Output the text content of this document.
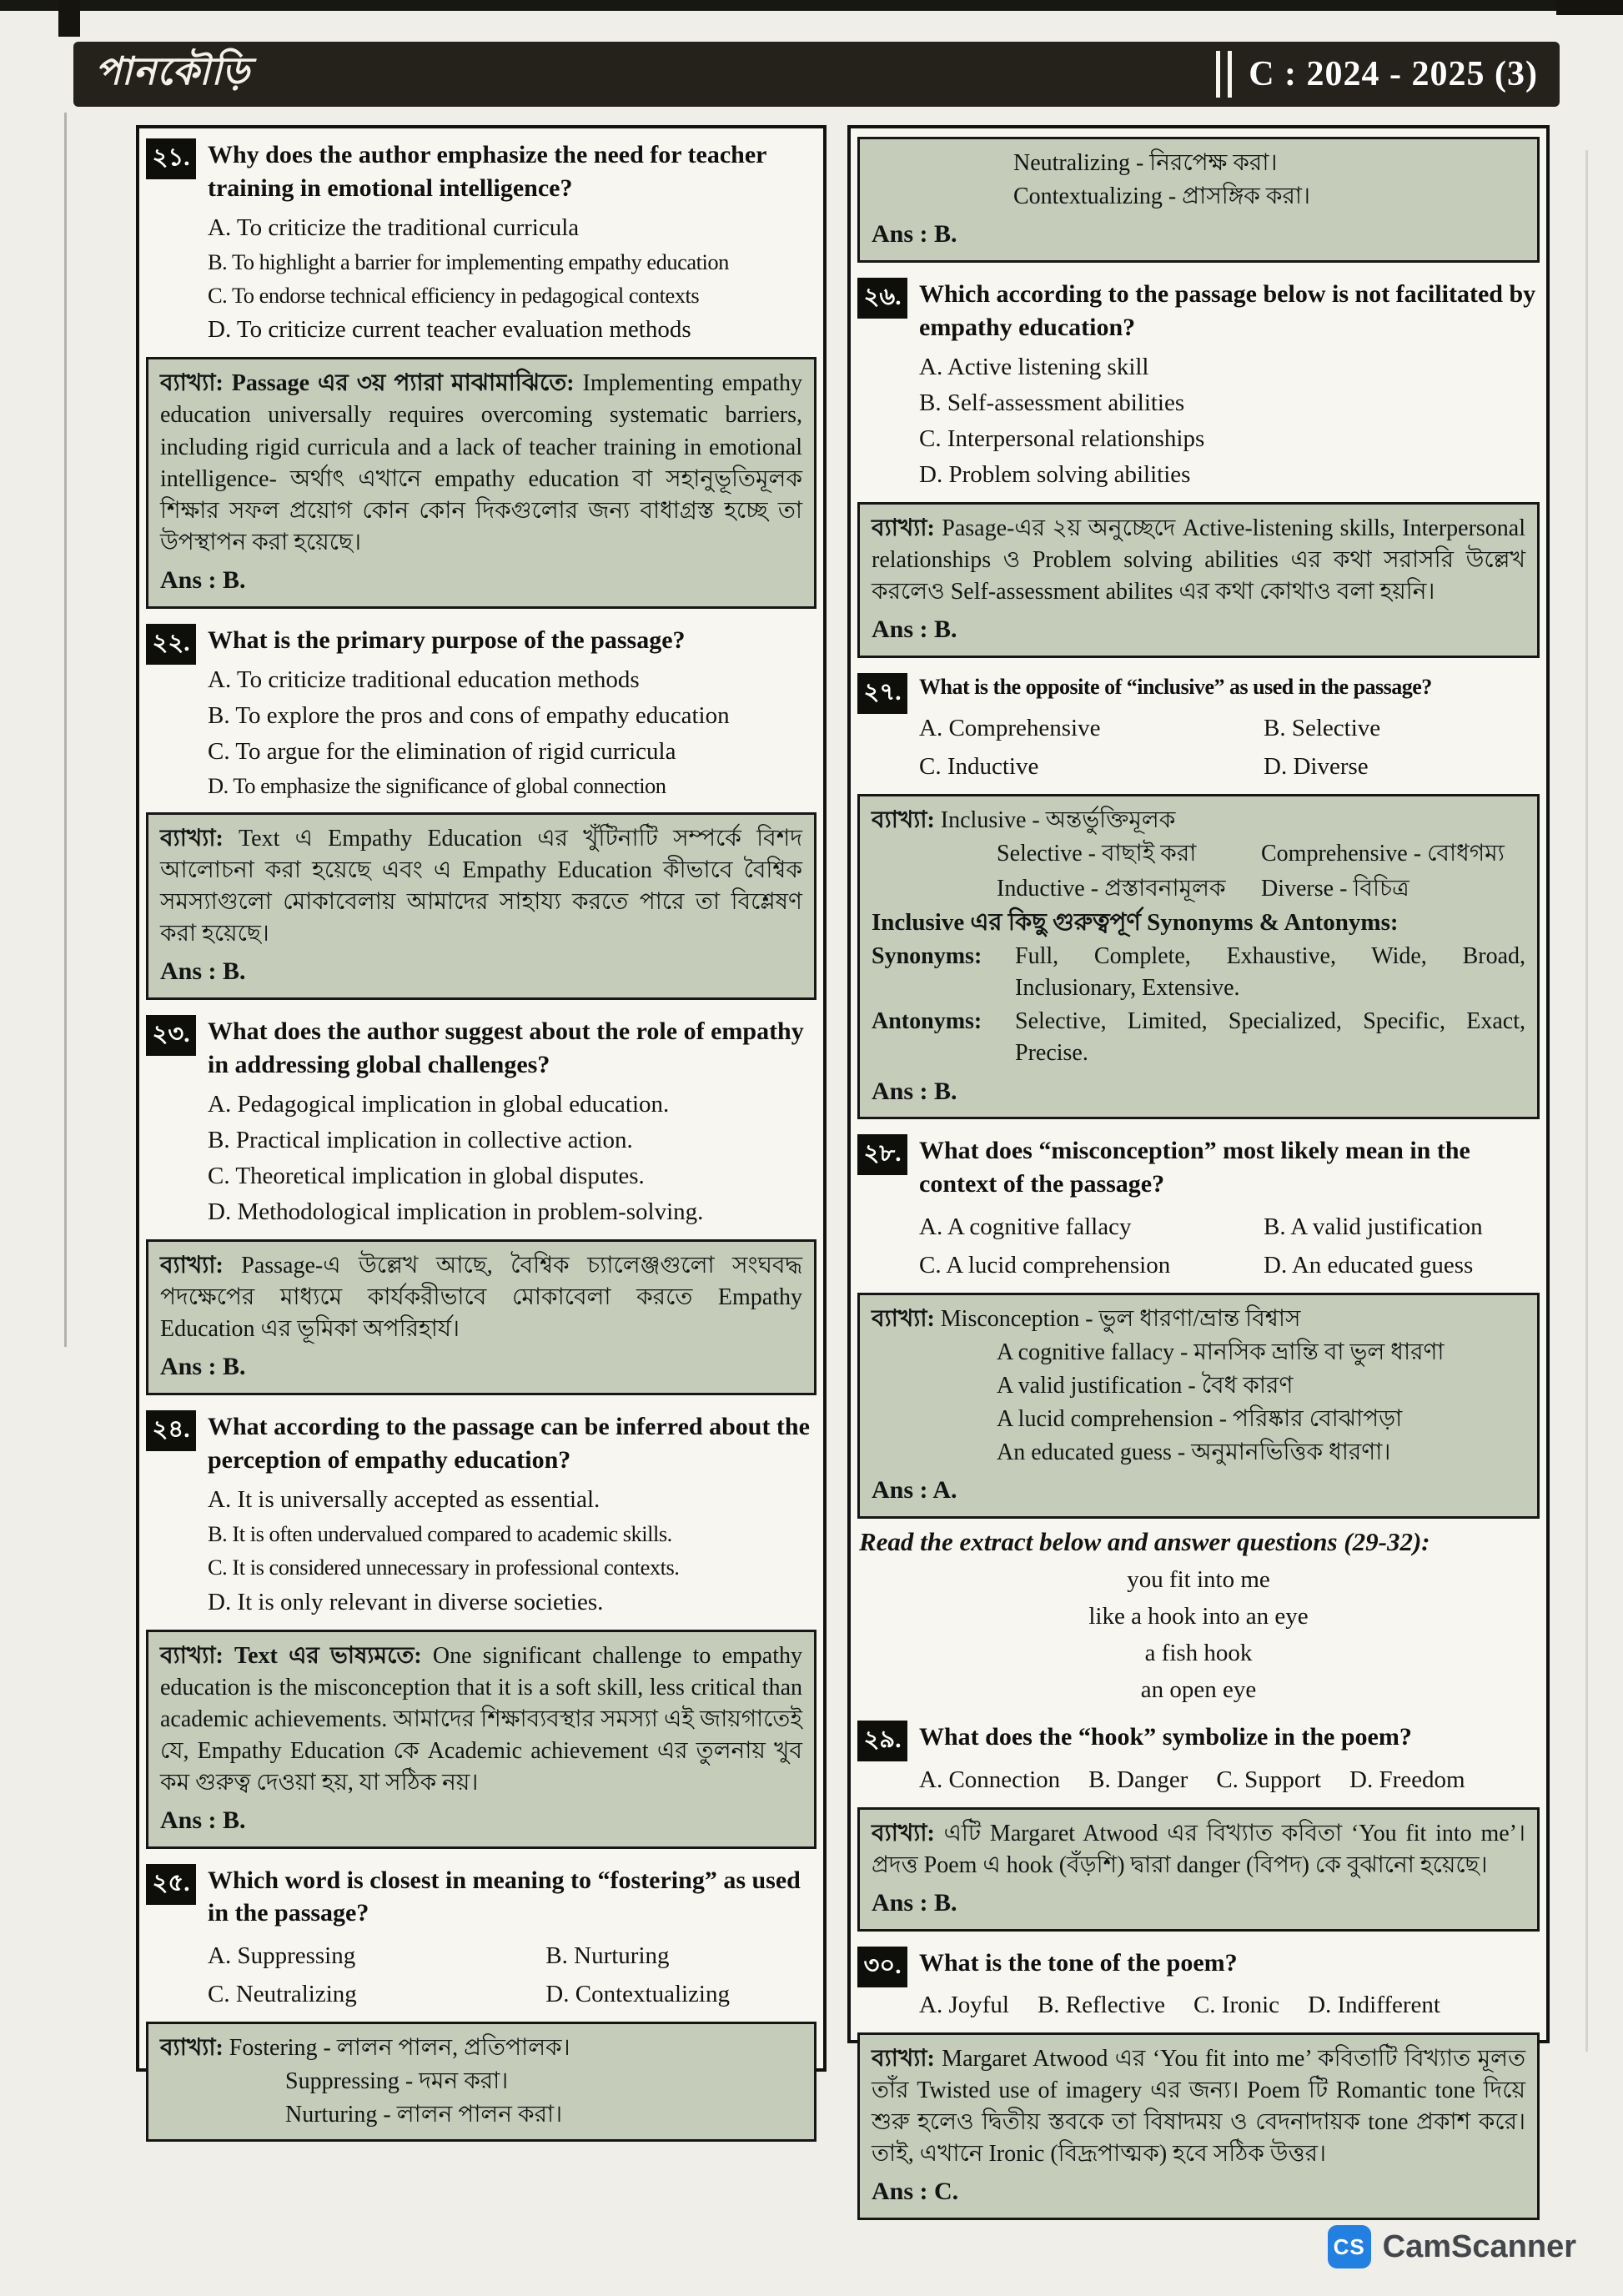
পানকৌড়ি	C : 2024 - 2025 (3)
২১. Why does the author emphasize the need for teacher training in emotional intelligence?
A. To criticize the traditional curricula
B. To highlight a barrier for implementing empathy education
C. To endorse technical efficiency in pedagogical contexts
D. To criticize current teacher evaluation methods

ব্যাখ্যা: Passage এর ৩য় প্যারা মাঝামাঝিতে: Implementing empathy education universally requires overcoming systematic barriers, including rigid curricula and a lack of teacher training in emotional intelligence- অর্থাৎ এখানে empathy education বা সহানুভূতিমূলক শিক্ষার সফল প্রয়োগ কোন কোন দিকগুলোর জন্য বাধাগ্রস্ত হচ্ছে তা উপস্থাপন করা হয়েছে।

Ans : B.

২২. What is the primary purpose of the passage?
A. To criticize traditional education methods
B. To explore the pros and cons of empathy education
C. To argue for the elimination of rigid curricula
D. To emphasize the significance of global connection

ব্যাখ্যা: Text এ Empathy Education এর খুঁটিনাটি সম্পর্কে বিশদ আলোচনা করা হয়েছে এবং এ Empathy Education কীভাবে বৈশ্বিক সমস্যাগুলো মোকাবেলায় আমাদের সাহায্য করতে পারে তা বিশ্লেষণ করা হয়েছে।

Ans : B.

২৩. What does the author suggest about the role of empathy in addressing global challenges?
A. Pedagogical implication in global education.
B. Practical implication in collective action.
C. Theoretical implication in global disputes.
D. Methodological implication in problem-solving.

ব্যাখ্যা: Passage-এ উল্লেখ আছে, বৈশ্বিক চ্যালেঞ্জগুলো সংঘবদ্ধ পদক্ষেপের মাধ্যমে কার্যকরীভাবে মোকাবেলা করতে Empathy Education এর ভূমিকা অপরিহার্য।

Ans : B.

২৪. What according to the passage can be inferred about the perception of empathy education?
A. It is universally accepted as essential.
B. It is often undervalued compared to academic skills.
C. It is considered unnecessary in professional contexts.
D. It is only relevant in diverse societies.

ব্যাখ্যা: Text এর ভাষ্যমতে: One significant challenge to empathy education is the misconception that it is a soft skill, less critical than academic achievements. আমাদের শিক্ষাব্যবস্থার সমস্যা এই জায়গাতেই যে, Empathy Education কে Academic achievement এর তুলনায় খুব কম গুরুত্ব দেওয়া হয়, যা সঠিক নয়।

Ans : B.

২৫. Which word is closest in meaning to “fostering” as used in the passage?
A. Suppressing	B. Nurturing
C. Neutralizing	D. Contextualizing

ব্যাখ্যা: Fostering - লালন পালন, প্রতিপালক।

Suppressing - দমন করা।

Nurturing - লালন পালন করা।

Neutralizing - নিরপেক্ষ করা।

Contextualizing - প্রাসঙ্গিক করা।

Ans : B.

২৬. Which according to the passage below is not facilitated by empathy education?
A. Active listening skill
B. Self-assessment abilities
C. Interpersonal relationships
D. Problem solving abilities

ব্যাখ্যা: Pasage-এর ২য় অনুচ্ছেদে Active-listening skills, Interpersonal relationships ও Problem solving abilities এর কথা সরাসরি উল্লেখ করলেও Self-assessment abilites এর কথা কোথাও বলা হয়নি।

Ans : B.

২৭. What is the opposite of “inclusive” as used in the passage?
A. Comprehensive	B. Selective
C. Inductive	D. Diverse

ব্যাখ্যা: Inclusive - অন্তর্ভুক্তিমূলক

Selective - বাছাই করা	Comprehensive - বোধগম্য
Inductive - প্রস্তাবনামূলক	Diverse - বিচিত্র

Inclusive এর কিছু গুরুত্বপূর্ণ Synonyms & Antonyms:

Synonyms:	Full, Complete, Exhaustive, Wide, Broad, Inclusionary, Extensive.
Antonyms:	Selective, Limited, Specialized, Specific, Exact, Precise.

Ans : B.

২৮. What does “misconception” most likely mean in the context of the passage?
A. A cognitive fallacy	B. A valid justification
C. A lucid comprehension	D. An educated guess

ব্যাখ্যা: Misconception - ভুল ধারণা/ভ্রান্ত বিশ্বাস

A cognitive fallacy - মানসিক ভ্রান্তি বা ভুল ধারণা

A valid justification - বৈধ কারণ

A lucid comprehension - পরিষ্কার বোঝাপড়া

An educated guess - অনুমানভিত্তিক ধারণা।

Ans : A.

Read the extract below and answer questions (29-32):

you fit into me

like a hook into an eye

a fish hook

an open eye

২৯. What does the “hook” symbolize in the poem?
A. Connection B. Danger C. Support D. Freedom

ব্যাখ্যা: এটি Margaret Atwood এর বিখ্যাত কবিতা ‘You fit into me’। প্রদত্ত Poem এ hook (বঁড়শি) দ্বারা danger (বিপদ) কে বুঝানো হয়েছে।

Ans : B.

৩০. What is the tone of the poem?
A. Joyful B. Reflective C. Ironic D. Indifferent

ব্যাখ্যা: Margaret Atwood এর ‘You fit into me’ কবিতাটি বিখ্যাত মূলত তাঁর Twisted use of imagery এর জন্য। Poem টি Romantic tone দিয়ে শুরু হলেও দ্বিতীয় স্তবকে তা বিষাদময় ও বেদনাদায়ক tone প্রকাশ করে। তাই, এখানে Ironic (বিদ্রূপাত্মক) হবে সঠিক উত্তর।

Ans : C.

CS CamScanner
